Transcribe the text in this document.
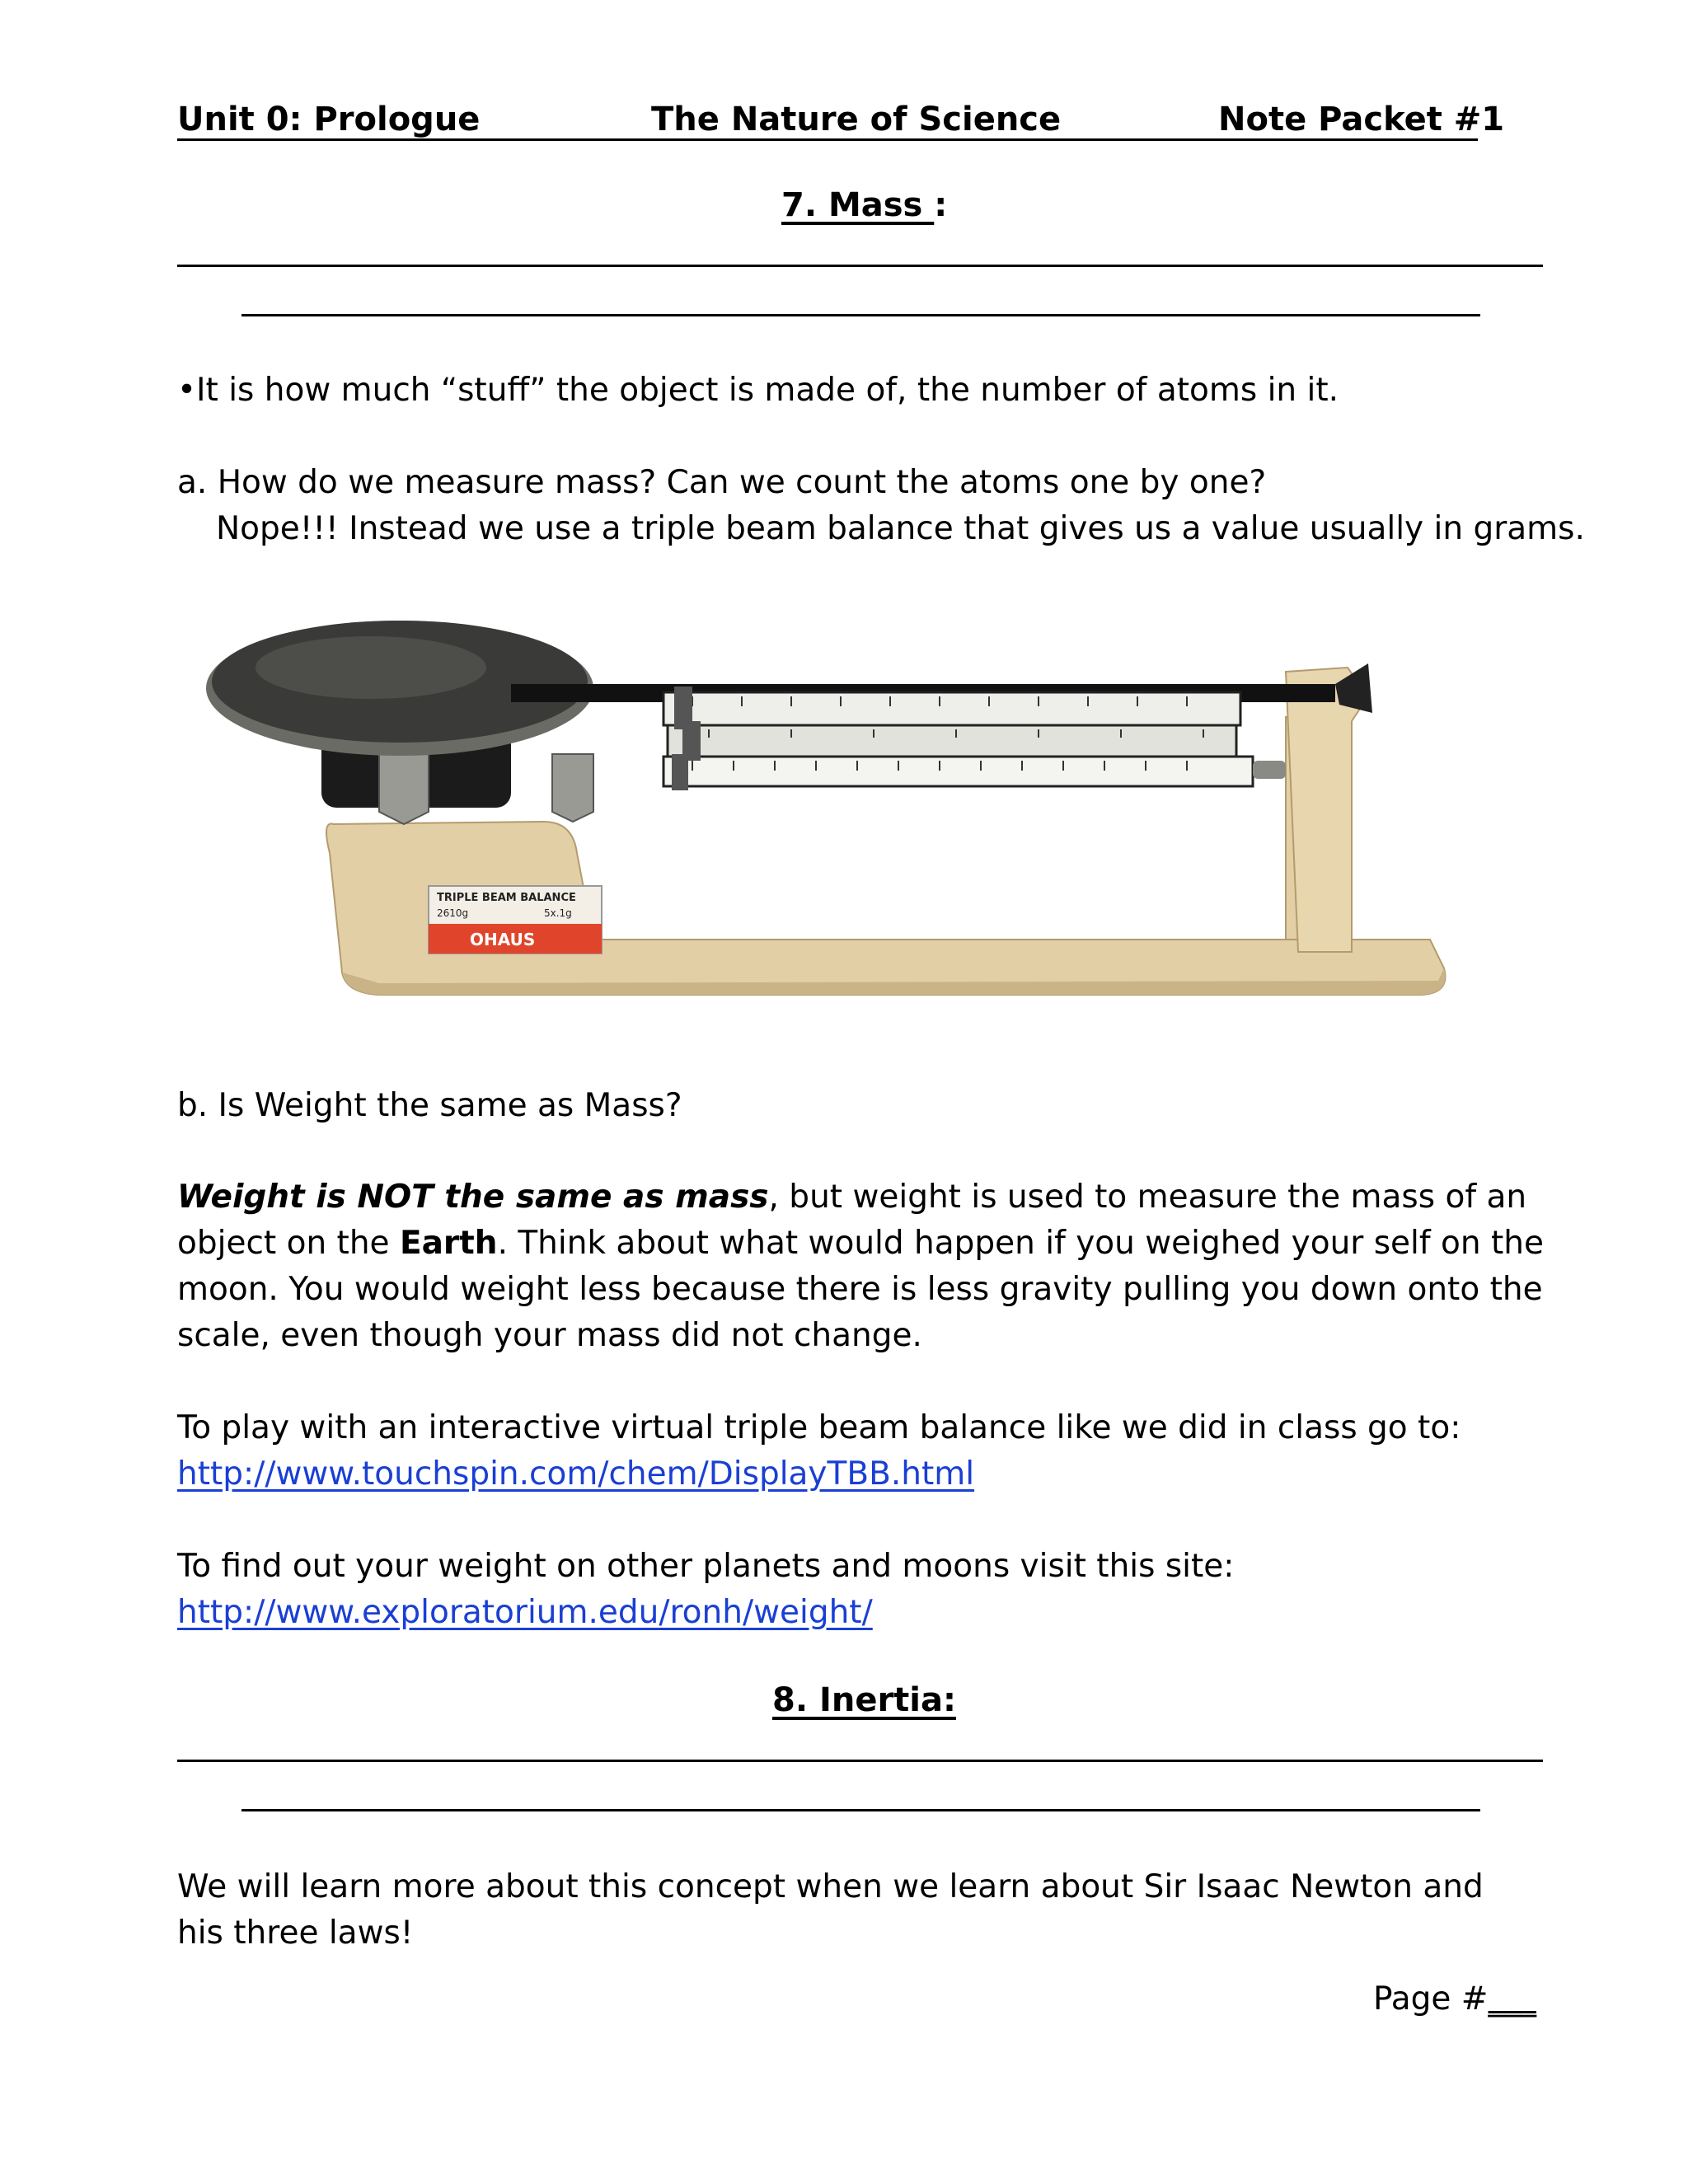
Unit 0: Prologue	The Nature of Science	Note Packet #1
7. Mass :
•It is how much “stuff” the object is made of, the number of atoms in it.
a. How do we measure mass? Can we count the atoms one by one?
Nope!!! Instead we use a triple beam balance that gives us a value usually in grams.
TRIPLE BEAM BALANCE
2610g	5x.1g
OHAUS
b. Is Weight the same as Mass?
Weight is NOT the same as mass, but weight is used to measure the mass of an object on the Earth. Think about what would happen if you weighed your self on the moon. You would weight less because there is less gravity pulling you down onto the scale, even though your mass did not change.
To play with an interactive virtual triple beam balance like we did in class go to:
http://www.touchspin.com/chem/DisplayTBB.html
To find out your weight on other planets and moons visit this site:
http://www.exploratorium.edu/ronh/weight/
8. Inertia:
We will learn more about this concept when we learn about Sir Isaac Newton and his three laws!
Page #___
